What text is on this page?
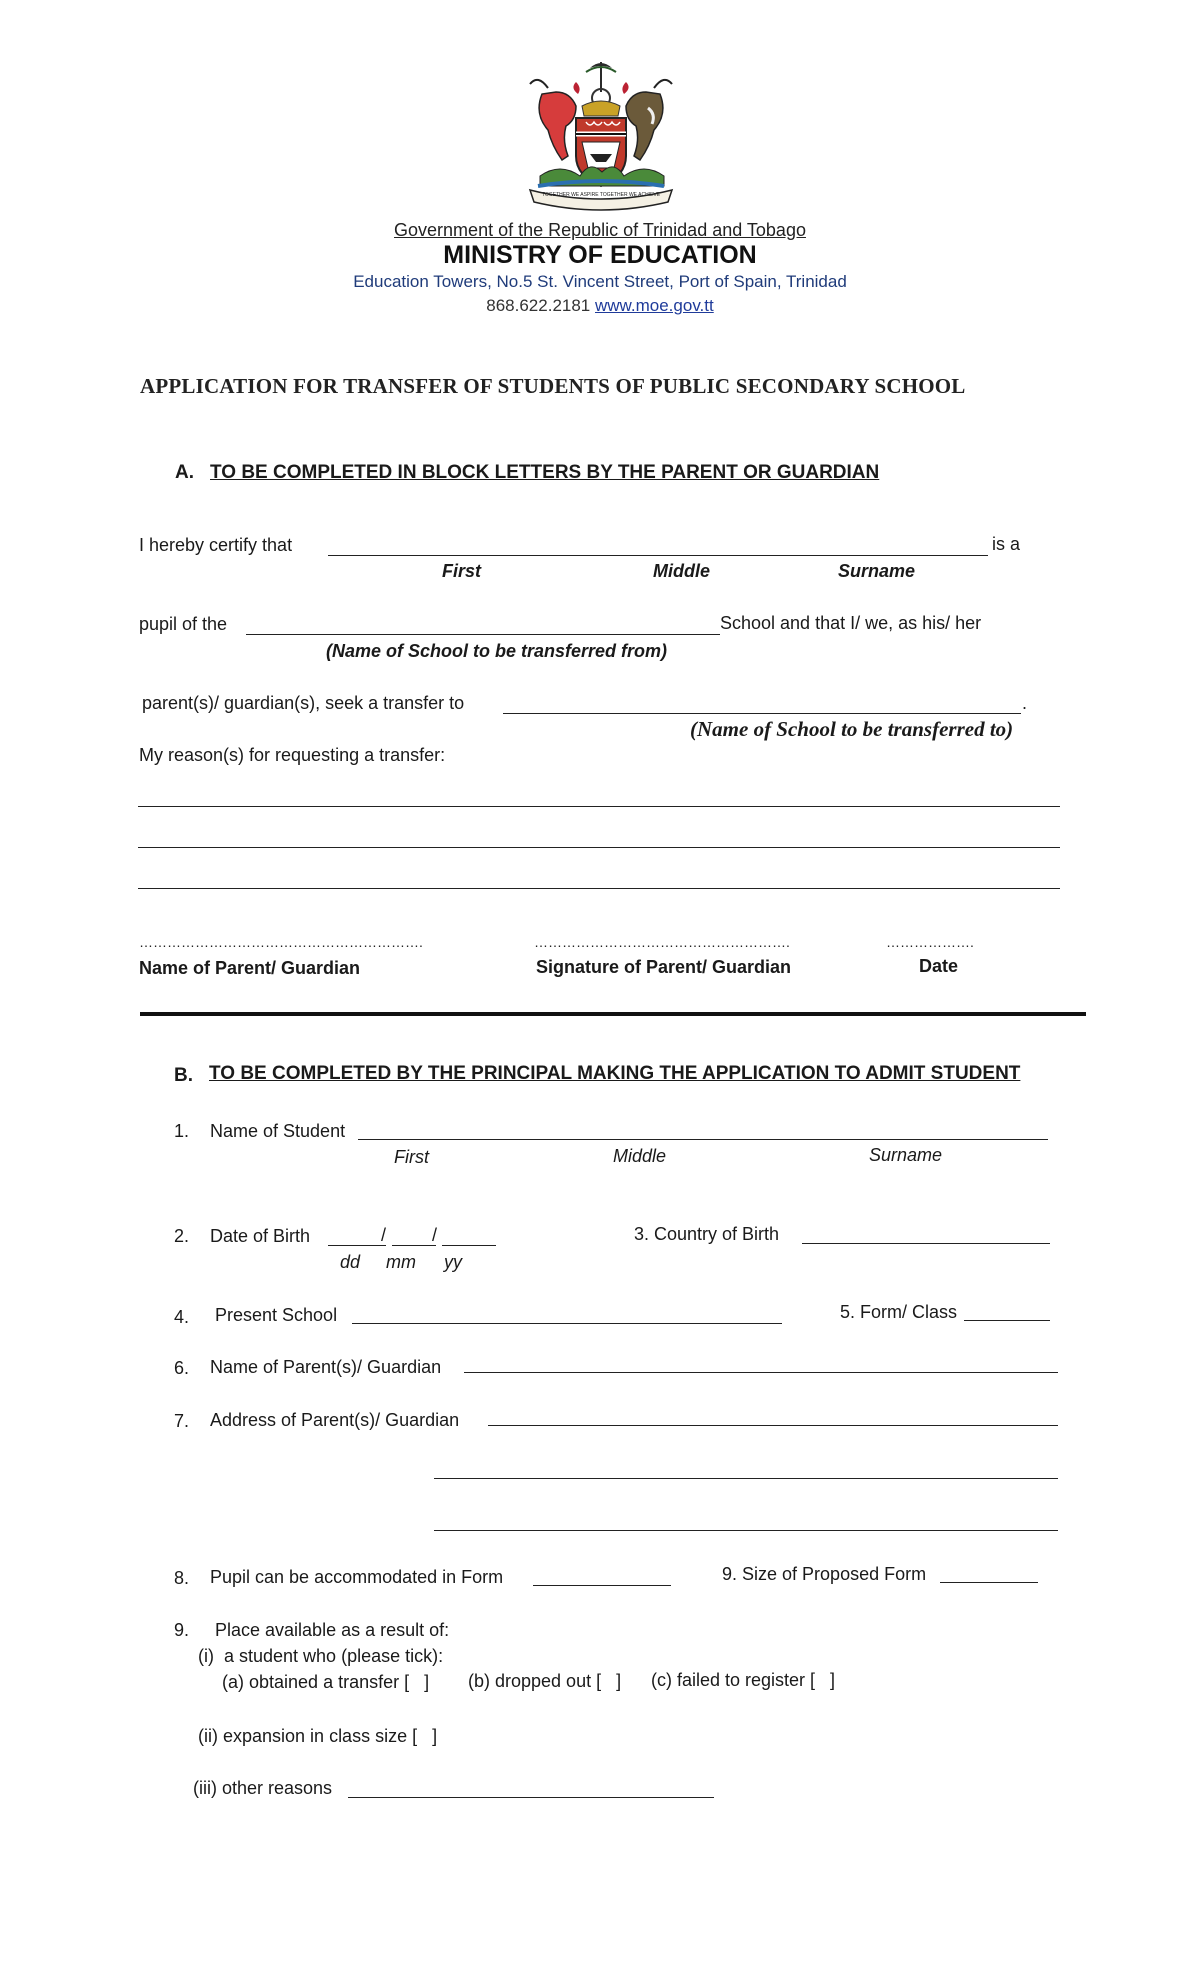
TOGETHER WE ASPIRE TOGETHER WE ACHIEVE
Government of the Republic of Trinidad and Tobago
MINISTRY OF EDUCATION
Education Towers, No.5 St. Vincent Street, Port of Spain, Trinidad
868.622.2181 www.moe.gov.tt
APPLICATION FOR TRANSFER OF STUDENTS OF PUBLIC SECONDARY SCHOOL
A. TO BE COMPLETED IN BLOCK LETTERS BY THE PARENT OR GUARDIAN
I hereby certify that	is a
First	Middle	Surname
pupil of the	School and that I/ we, as his/ her
(Name of School to be transferred from)
parent(s)/ guardian(s), seek a transfer to	.
(Name of School to be transferred to)
My reason(s) for requesting a transfer:
…………………………………………………….	……………………………………………….	……………….
Name of Parent/ Guardian	Signature of Parent/ Guardian	Date
B. TO BE COMPLETED BY THE PRINCIPAL MAKING THE APPLICATION TO ADMIT STUDENT
1. Name of Student
First	Middle	Surname
2. Date of Birth	/	/
dd mm yy
3. Country of Birth
4. Present School	5. Form/ Class
6. Name of Parent(s)/ Guardian
7. Address of Parent(s)/ Guardian
8. Pupil can be accommodated in Form	9. Size of Proposed Form
9. Place available as a result of:
(i)  a student who (please tick):
(a) obtained a transfer [   ] (b) dropped out [   ] (c) failed to register [   ]
(ii) expansion in class size [   ]
(iii) other reasons
